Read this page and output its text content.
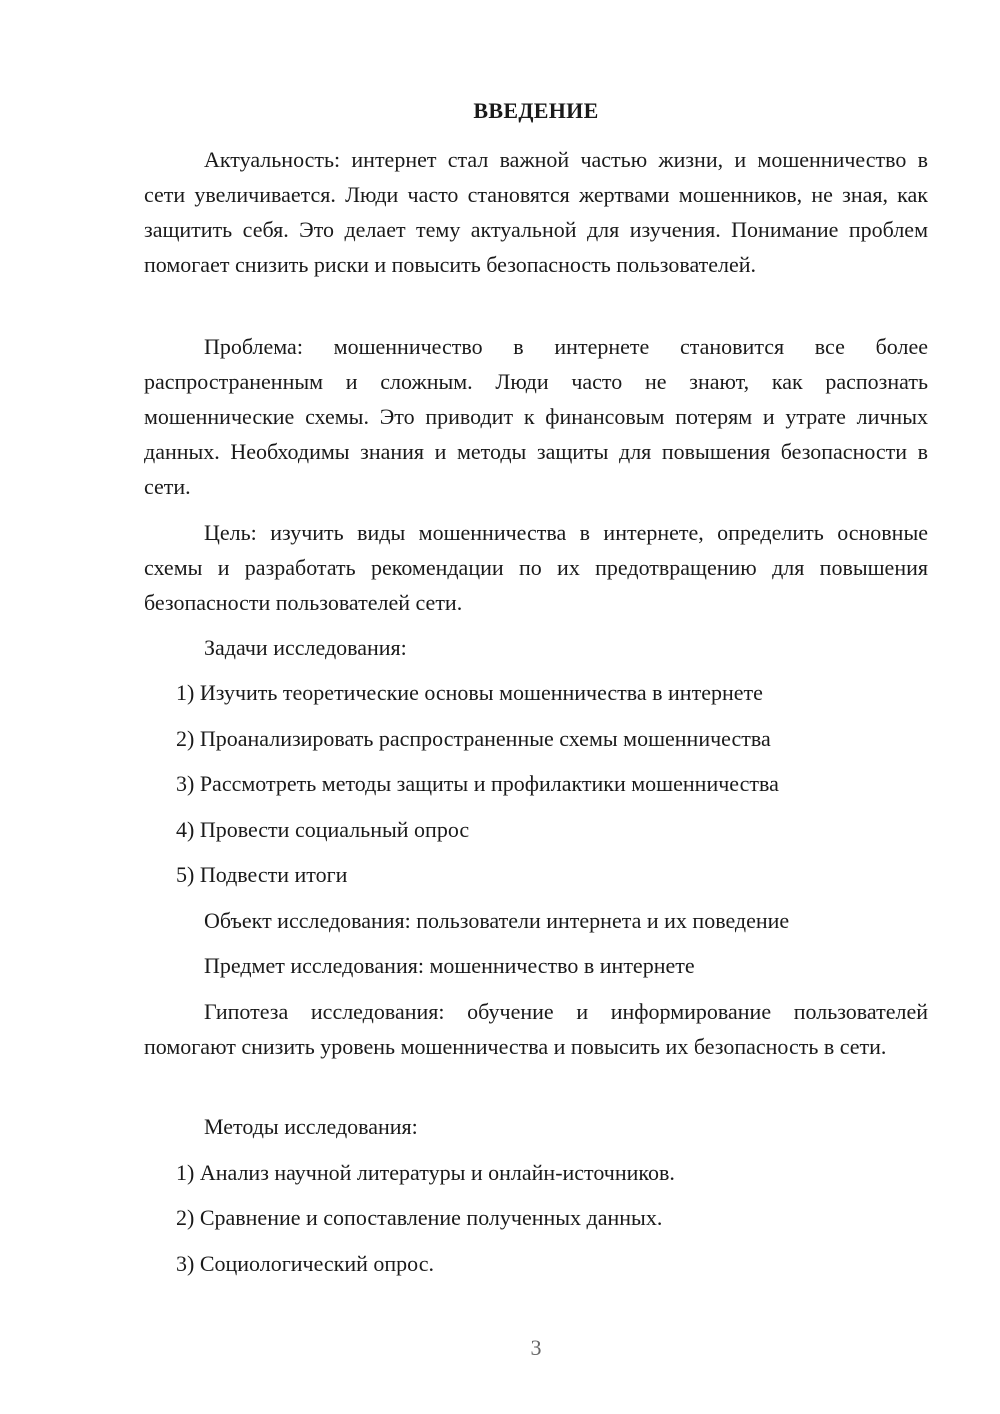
ВВЕДЕНИЕ

Актуальность: интернет стал важной частью жизни, и мошенничество в сети увеличивается. Люди часто становятся жертвами мошенников, не зная, как защитить себя. Это делает тему актуальной для изучения. Понимание проблем помогает снизить риски и повысить безопасность пользователей.

Проблема: мошенничество в интернете становится все более распространенным и сложным. Люди часто не знают, как распознать мошеннические схемы. Это приводит к финансовым потерям и утрате личных данных. Необходимы знания и методы защиты для повышения безопасности в сети.

Цель: изучить виды мошенничества в интернете, определить основные схемы и разработать рекомендации по их предотвращению для повышения безопасности пользователей сети.

Задачи исследования:

1) Изучить теоретические основы мошенничества в интернете

2) Проанализировать распространенные схемы мошенничества

3) Рассмотреть методы защиты и профилактики мошенничества

4) Провести социальный опрос

5) Подвести итоги

Объект исследования: пользователи интернета и их поведение

Предмет исследования: мошенничество в интернете

Гипотеза исследования: обучение и информирование пользователей помогают снизить уровень мошенничества и повысить их безопасность в сети.

Методы исследования:

1) Анализ научной литературы и онлайн-источников.

2) Сравнение и сопоставление полученных данных.

3) Социологический опрос.

3
